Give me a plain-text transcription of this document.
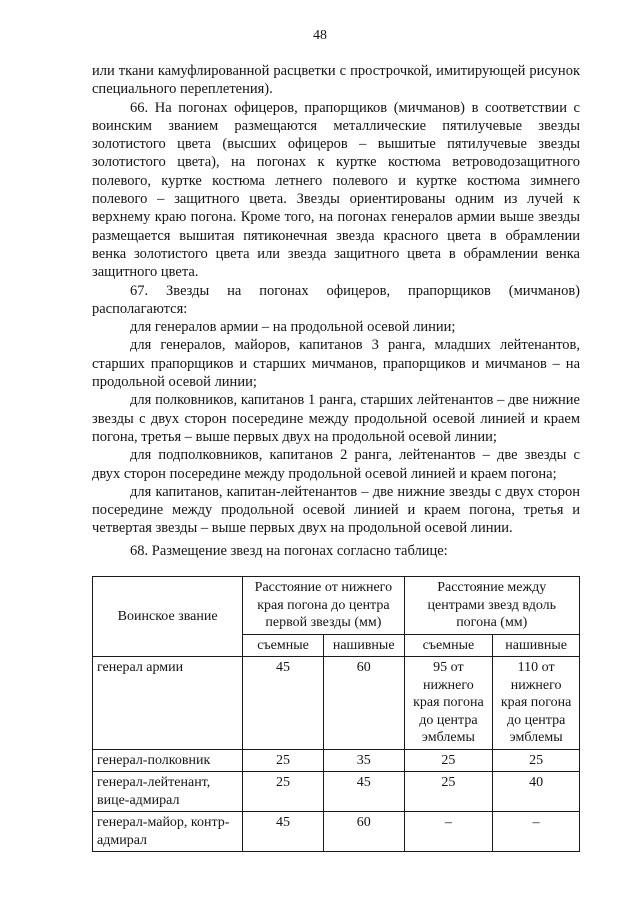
48

или ткани камуфлированной расцветки с прострочкой, имитирующей рисунок специального переплетения).

66. На погонах офицеров, прапорщиков (мичманов) в соответствии с воинским званием размещаются металлические пятилучевые звезды золотистого цвета (высших офицеров – вышитые пятилучевые звезды золотистого цвета), на погонах к куртке костюма ветроводозащитного полевого, куртке костюма летнего полевого и куртке костюма зимнего полевого – защитного цвета. Звезды ориентированы одним из лучей к верхнему краю погона. Кроме того, на погонах генералов армии выше звезды размещается вышитая пятиконечная звезда красного цвета в обрамлении венка золотистого цвета или звезда защитного цвета в обрамлении венка защитного цвета.

67. Звезды на погонах офицеров, прапорщиков (мичманов) располагаются:

для генералов армии – на продольной осевой линии;

для генералов, майоров, капитанов 3 ранга, младших лейтенантов, старших прапорщиков и старших мичманов, прапорщиков и мичманов – на продольной осевой линии;

для полковников, капитанов 1 ранга, старших лейтенантов – две нижние звезды с двух сторон посередине между продольной осевой линией и краем погона, третья – выше первых двух на продольной осевой линии;

для подполковников, капитанов 2 ранга, лейтенантов – две звезды с двух сторон посередине между продольной осевой линией и краем погона;

для капитанов, капитан-лейтенантов – две нижние звезды с двух сторон посередине между продольной осевой линией и краем погона, третья и четвертая звезды – выше первых двух на продольной осевой линии.

68. Размещение звезд на погонах согласно таблице:

Воинское звание	Расстояние от нижнего края погона до центра первой звезды (мм)		Расстояние между центрами звезд вдоль погона (мм)	
	съемные	нашивные	съемные	нашивные
генерал армии	45	60	95 от нижнего края погона до центра эмблемы	110 от нижнего края погона до центра эмблемы
генерал-полковник	25	35	25	25
генерал-лейтенант, вице-адмирал	25	45	25	40
генерал-майор, контр-адмирал	45	60	–	–
